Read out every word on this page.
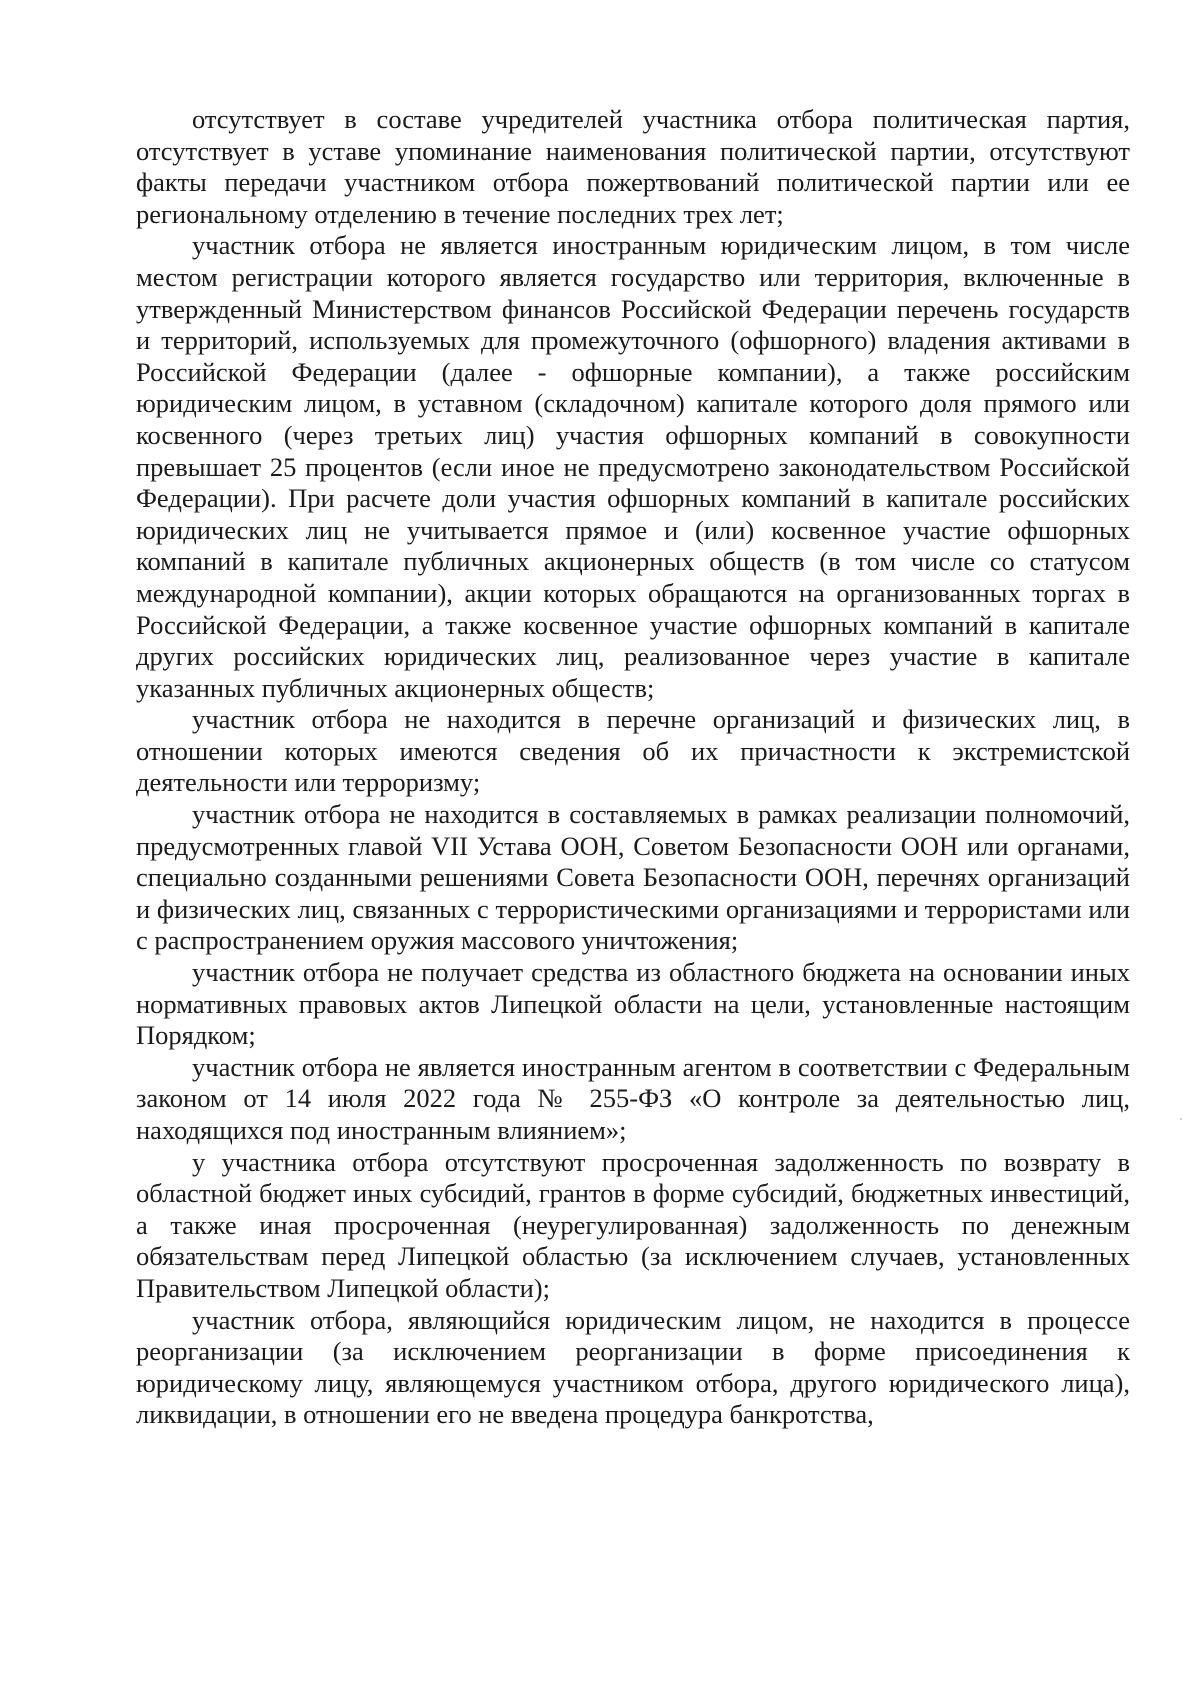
отсутствует в составе учредителей участника отбора политическая партия, отсутствует в уставе упоминание наименования политической партии, отсутствуют факты передачи участником отбора пожертвований политической партии или ее региональному отделению в течение последних трех лет;

участник отбора не является иностранным юридическим лицом, в том числе местом регистрации которого является государство или территория, включенные в утвержденный Министерством финансов Российской Федерации перечень государств и территорий, используемых для промежуточного (офшорного) владения активами в Российской Федерации (далее - офшорные компании), а также российским юридическим лицом, в уставном (складочном) капитале которого доля прямого или косвенного (через третьих лиц) участия офшорных компаний в совокупности превышает 25 процентов (если иное не предусмотрено законодательством Российской Федерации). При расчете доли участия офшорных компаний в капитале российских юридических лиц не учитывается прямое и (или) косвенное участие офшорных компаний в капитале публичных акционерных обществ (в том числе со статусом международной компании), акции которых обращаются на организованных торгах в Российской Федерации, а также косвенное участие офшорных компаний в капитале других российских юридических лиц, реализованное через участие в капитале указанных публичных акционерных обществ;

участник отбора не находится в перечне организаций и физических лиц, в отношении которых имеются сведения об их причастности к экстремистской деятельности или терроризму;

участник отбора не находится в составляемых в рамках реализации полномочий, предусмотренных главой VII Устава ООН, Советом Безопасности ООН или органами, специально созданными решениями Совета Безопасности ООН, перечнях организаций и физических лиц, связанных с террористическими организациями и террористами или с распространением оружия массового уничтожения;

участник отбора не получает средства из областного бюджета на основании иных нормативных правовых актов Липецкой области на цели, установленные настоящим Порядком;

участник отбора не является иностранным агентом в соответствии с Федеральным законом от 14 июля 2022 года № 255-ФЗ «О контроле за деятельностью лиц, находящихся под иностранным влиянием»;

у участника отбора отсутствуют просроченная задолженность по возврату в областной бюджет иных субсидий, грантов в форме субсидий, бюджетных инвестиций, а также иная просроченная (неурегулированная) задолженность по денежным обязательствам перед Липецкой областью (за исключением случаев, установленных Правительством Липецкой области);

участник отбора, являющийся юридическим лицом, не находится в процессе реорганизации (за исключением реорганизации в форме присоединения к юридическому лицу, являющемуся участником отбора, другого юридического лица), ликвидации, в отношении его не введена процедура банкротства,
